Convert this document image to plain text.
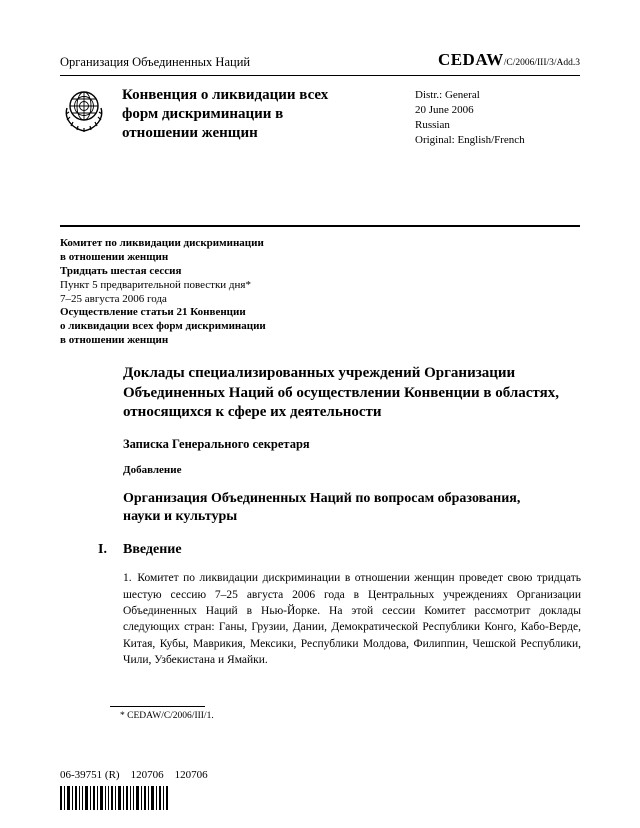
Организация Объединенных Наций	CEDAW/C/2006/III/3/Add.3
Конвенция о ликвидации всех форм дискриминации в отношении женщин
Distr.: General
20 June 2006
Russian
Original: English/French
Комитет по ликвидации дискриминации
в отношении женщин
Тридцать шестая сессия
Пункт 5 предварительной повестки дня*
7–25 августа 2006 года
Осуществление статьи 21 Конвенции
о ликвидации всех форм дискриминации
в отношении женщин
Доклады специализированных учреждений Организации Объединенных Наций об осуществлении Конвенции в областях, относящихся к сфере их деятельности
Записка Генерального секретаря
Добавление
Организация Объединенных Наций по вопросам образования, науки и культуры
I.	Введение
1. Комитет по ликвидации дискриминации в отношении женщин проведет свою тридцать шестую сессию 7–25 августа 2006 года в Центральных учреждениях Организации Объединенных Наций в Нью-Йорке. На этой сессии Комитет рассмотрит доклады следующих стран: Ганы, Грузии, Дании, Демократической Республики Конго, Кабо-Верде, Китая, Кубы, Маврикия, Мексики, Республики Молдова, Филиппин, Чешской Республики, Чили, Узбекистана и Ямайки.
* CEDAW/C/2006/III/1.
06-39751 (R)    120706    120706
